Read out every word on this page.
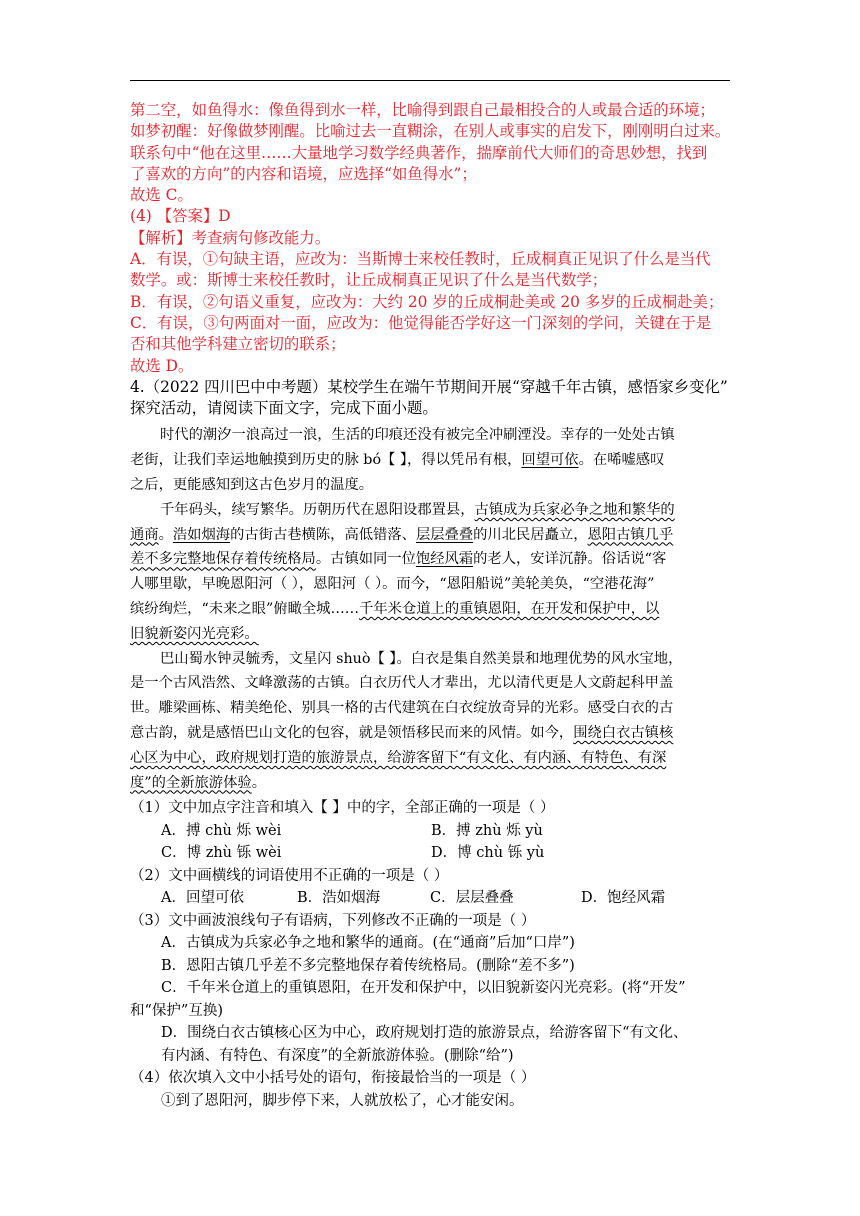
第二空，如鱼得水：像鱼得到水一样，比喻得到跟自己最相投合的人或最合适的环境；

如梦初醒：好像做梦刚醒。比喻过去一直糊涂，在别人或事实的启发下，刚刚明白过来。

联系句中“他在这里……大量地学习数学经典著作，揣摩前代大师们的奇思妙想，找到

了喜欢的方向”的内容和语境，应选择“如鱼得水”；

故选 C。

(4) 【答案】D

【解析】考查病句修改能力。

A．有误，①句缺主语，应改为：当斯博士来校任教时，丘成桐真正见识了什么是当代

数学。或：斯博士来校任教时，让丘成桐真正见识了什么是当代数学；

B．有误，②句语义重复，应改为：大约 20 岁的丘成桐赴美或 20 多岁的丘成桐赴美；

C．有误，③句两面对一面，应改为：他觉得能否学好这一门深刻的学问，关键在于是

否和其他学科建立密切的联系；

故选 D。

4.（2022 四川巴中中考题）某校学生在端午节期间开展“穿越千年古镇，感悟家乡变化”

探究活动，请阅读下面文字，完成下面小题。

时代的潮汐一浪高过一浪，生活的印痕还没有被完全冲刷湮没。幸存的一处处古镇

老街，让我们幸运地触摸到历史的脉 bó【 】，得以凭吊有根，回望可依。在唏嘘感叹

之后，更能感知到这古色岁月的温度。

千年码头，续写繁华。历朝历代在恩阳设郡置县，古镇成为兵家必争之地和繁华的

通商。浩如烟海的古街古巷横陈，高低错落、层层叠叠的川北民居矗立，恩阳古镇几乎

差不多完整地保存着传统格局。古镇如同一位饱经风霜的老人，安详沉静。俗话说“客

人哪里歇，早晚恩阳河（ ），恩阳河（ ）。而今，“恩阳船说”美轮美奂，“空港花海”

缤纷绚烂，“未来之眼”俯瞰全城……千年米仓道上的重镇恩阳，在开发和保护中，以

旧貌新姿闪光亮彩。

巴山蜀水钟灵毓秀，文星闪 shuò【 】。白衣是集自然美景和地理优势的风水宝地，

是一个古风浩然、文峰激荡的古镇。白衣历代人才辈出，尤以清代更是人文蔚起科甲盖

世。雕梁画栋、精美绝伦、别具一格的古代建筑在白衣绽放奇异的光彩。感受白衣的古

意古韵，就是感悟巴山文化的包容，就是领悟移民而来的风情。如今，围绕白衣古镇核

心区为中心，政府规划打造的旅游景点，给游客留下“有文化、有内涵、有特色、有深

度”的全新旅游体验。

（1）文中加点字注音和填入【 】中的字，全部正确的一项是（ ）

A．搏 chù 烁 wèi	B．搏 zhù 烁 yù
C．博 zhù 铄 wèi	D．博 chù 铄 yù

（2）文中画横线的词语使用不正确的一项是（ ）

A．回望可依	B．浩如烟海	C．层层叠叠	D．饱经风霜

（3）文中画波浪线句子有语病，下列修改不正确的一项是（ ）

A．古镇成为兵家必争之地和繁华的通商。(在“通商”后加“口岸”)

B．恩阳古镇几乎差不多完整地保存着传统格局。(删除“差不多”)

C．千年米仓道上的重镇恩阳，在开发和保护中，以旧貌新姿闪光亮彩。(将“开发”

和“保护”互换)

D．围绕白衣古镇核心区为中心，政府规划打造的旅游景点，给游客留下“有文化、

有内涵、有特色、有深度”的全新旅游体验。(删除“给”)

（4）依次填入文中小括号处的语句，衔接最恰当的一项是（ ）

①到了恩阳河，脚步停下来，人就放松了，心才能安闲。
